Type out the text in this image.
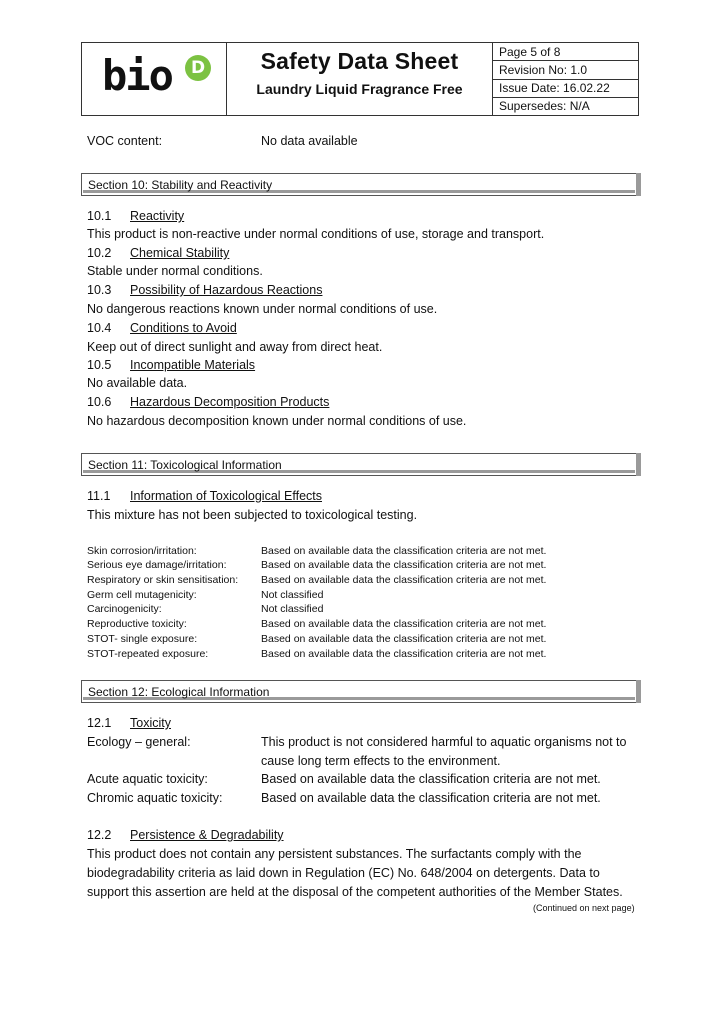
bio	D	Safety Data Sheet
Laundry Liquid Fragrance Free
Page 5 of 8
Revision No: 1.0
Issue Date: 16.02.22
Supersedes: N/A
VOC content:	No data available
Section 10: Stability and Reactivity
10.1 Reactivity
This product is non-reactive under normal conditions of use, storage and transport.
10.2 Chemical Stability
Stable under normal conditions.
10.3 Possibility of Hazardous Reactions
No dangerous reactions known under normal conditions of use.
10.4 Conditions to Avoid
Keep out of direct sunlight and away from direct heat.
10.5 Incompatible Materials
No available data.
10.6 Hazardous Decomposition Products
No hazardous decomposition known under normal conditions of use.
Section 11: Toxicological Information
11.1 Information of Toxicological Effects
This mixture has not been subjected to toxicological testing.
Skin corrosion/irritation:	Based on available data the classification criteria are not met.
Serious eye damage/irritation:	Based on available data the classification criteria are not met.
Respiratory or skin sensitisation: Based on available data the classification criteria are not met.
Germ cell mutagenicity:	Not classified
Carcinogenicity:	Not classified
Reproductive toxicity:	Based on available data the classification criteria are not met.
STOT- single exposure:	Based on available data the classification criteria are not met.
STOT-repeated exposure:	Based on available data the classification criteria are not met.
Section 12: Ecological Information
12.1 Toxicity
Ecology – general:	This product is not considered harmful to aquatic organisms not to
cause long term effects to the environment.
Acute aquatic toxicity:	Based on available data the classification criteria are not met.
Chromic aquatic toxicity:	Based on available data the classification criteria are not met.
12.2 Persistence & Degradability
This product does not contain any persistent substances. The surfactants comply with the
biodegradability criteria as laid down in Regulation (EC) No. 648/2004 on detergents. Data to
support this assertion are held at the disposal of the competent authorities of the Member States.
(Continued on next page)
